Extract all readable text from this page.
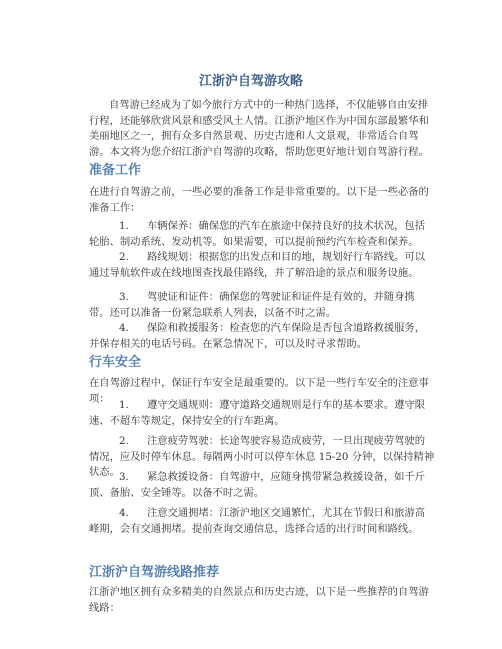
江浙沪自驾游攻略

自驾游已经成为了如今旅行方式中的一种热门选择，不仅能够自由安排行程，还能够欣赏风景和感受风土人情。江浙沪地区作为中国东部最繁华和美丽地区之一，拥有众多自然景观、历史古迹和人文景观，非常适合自驾游。本文将为您介绍江浙沪自驾游的攻略，帮助您更好地计划自驾游行程。

准备工作

在进行自驾游之前，一些必要的准备工作是非常重要的。以下是一些必备的准备工作：

1. 车辆保养：确保您的汽车在旅途中保持良好的技术状况，包括轮胎、制动系统、发动机等。如果需要，可以提前预约汽车检查和保养。
2. 路线规划：根据您的出发点和目的地，规划好行车路线。可以通过导航软件或在线地图查找最佳路线，并了解沿途的景点和服务设施。
3. 驾驶证和证件：确保您的驾驶证和证件是有效的，并随身携带。还可以准备一份紧急联系人列表，以备不时之需。
4. 保险和救援服务：检查您的汽车保险是否包含道路救援服务，并保存相关的电话号码。在紧急情况下，可以及时寻求帮助。
行车安全

在自驾游过程中，保证行车安全是最重要的。以下是一些行车安全的注意事项：

1. 遵守交通规则：遵守道路交通规则是行车的基本要求。遵守限速、不超车等规定，保持安全的行车距离。
2. 注意疲劳驾驶：长途驾驶容易造成疲劳，一旦出现疲劳驾驶的情况，应及时停车休息。每隔两小时可以停车休息 15-20 分钟，以保持精神状态。 3. 紧急救援设备：自驾游中，应随身携带紧急救援设备，如千斤顶、备胎、安全锤等。以备不时之需。
4. 注意交通拥堵：江浙沪地区交通繁忙，尤其在节假日和旅游高峰期，会有交通拥堵。提前查询交通信息，选择合适的出行时间和路线。
江浙沪自驾游线路推荐

江浙沪地区拥有众多精美的自然景点和历史古迹，以下是一些推荐的自驾游线路：
